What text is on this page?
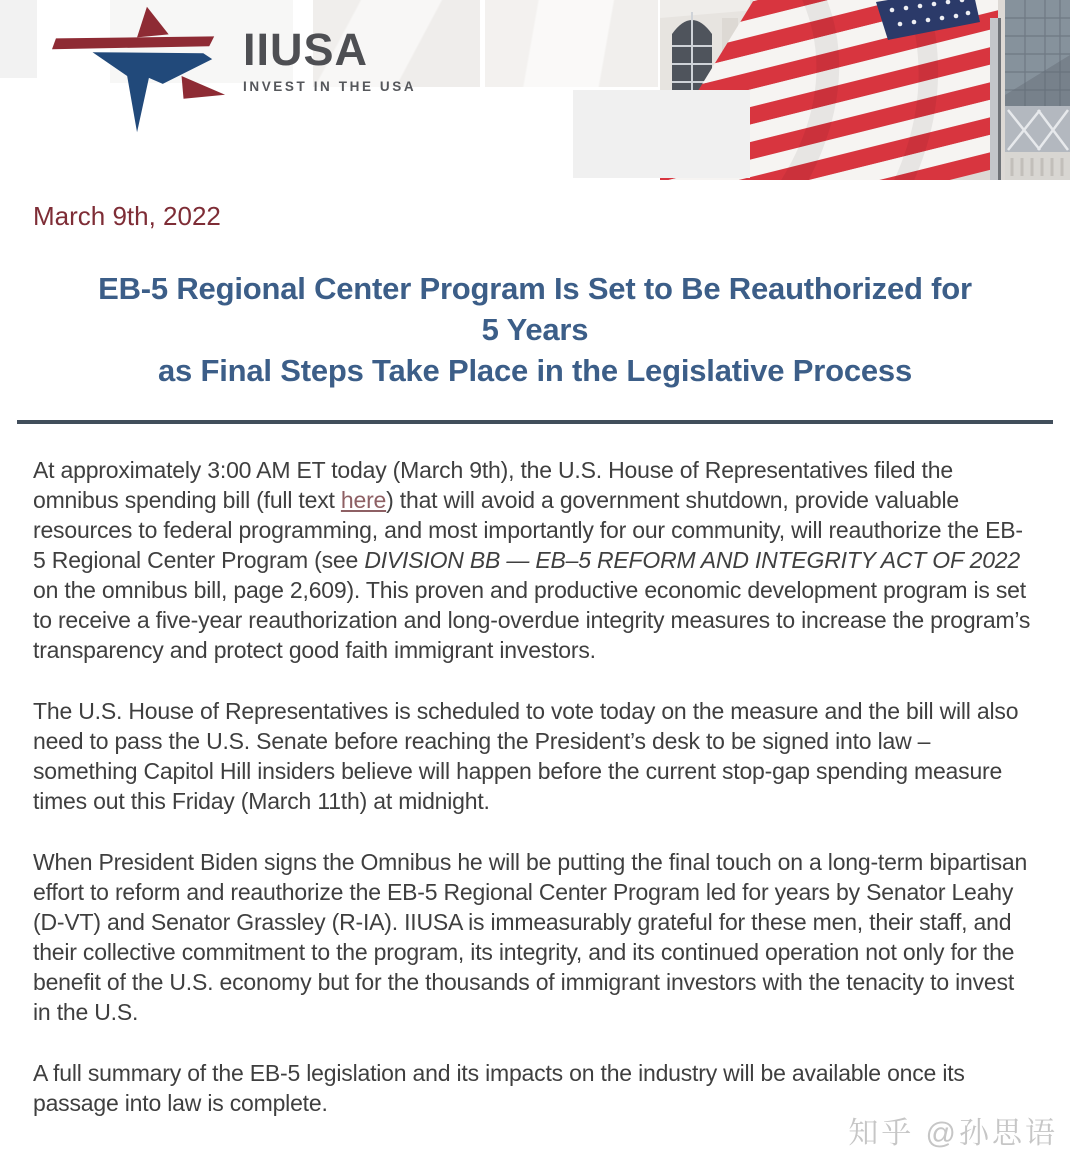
IIUSA
INVEST IN THE USA
March 9th, 2022
EB-5 Regional Center Program Is Set to Be Reauthorized for
5 Years
as Final Steps Take Place in the Legislative Process

At approximately 3:00 AM ET today (March 9th), the U.S. House of Representatives filed the omnibus spending bill (full text here) that will avoid a government shutdown, provide valuable resources to federal programming, and most importantly for our community, will reauthorize the EB-5 Regional Center Program (see DIVISION BB — EB–5 REFORM AND INTEGRITY ACT OF 2022 on the omnibus bill, page 2,609). This proven and productive economic development program is set to receive a five-year reauthorization and long-overdue integrity measures to increase the program’s transparency and protect good faith immigrant investors.

The U.S. House of Representatives is scheduled to vote today on the measure and the bill will also need to pass the U.S. Senate before reaching the President’s desk to be signed into law – something Capitol Hill insiders believe will happen before the current stop-gap spending measure times out this Friday (March 11th) at midnight.

When President Biden signs the Omnibus he will be putting the final touch on a long-term bipartisan effort to reform and reauthorize the EB-5 Regional Center Program led for years by Senator Leahy (D-VT) and Senator Grassley (R-IA). IIUSA is immeasurably grateful for these men, their staff, and their collective commitment to the program, its integrity, and its continued operation not only for the benefit of the U.S. economy but for the thousands of immigrant investors with the tenacity to invest in the U.S.

A full summary of the EB-5 legislation and its impacts on the industry will be available once its passage into law is complete.

知乎 @孙思语
